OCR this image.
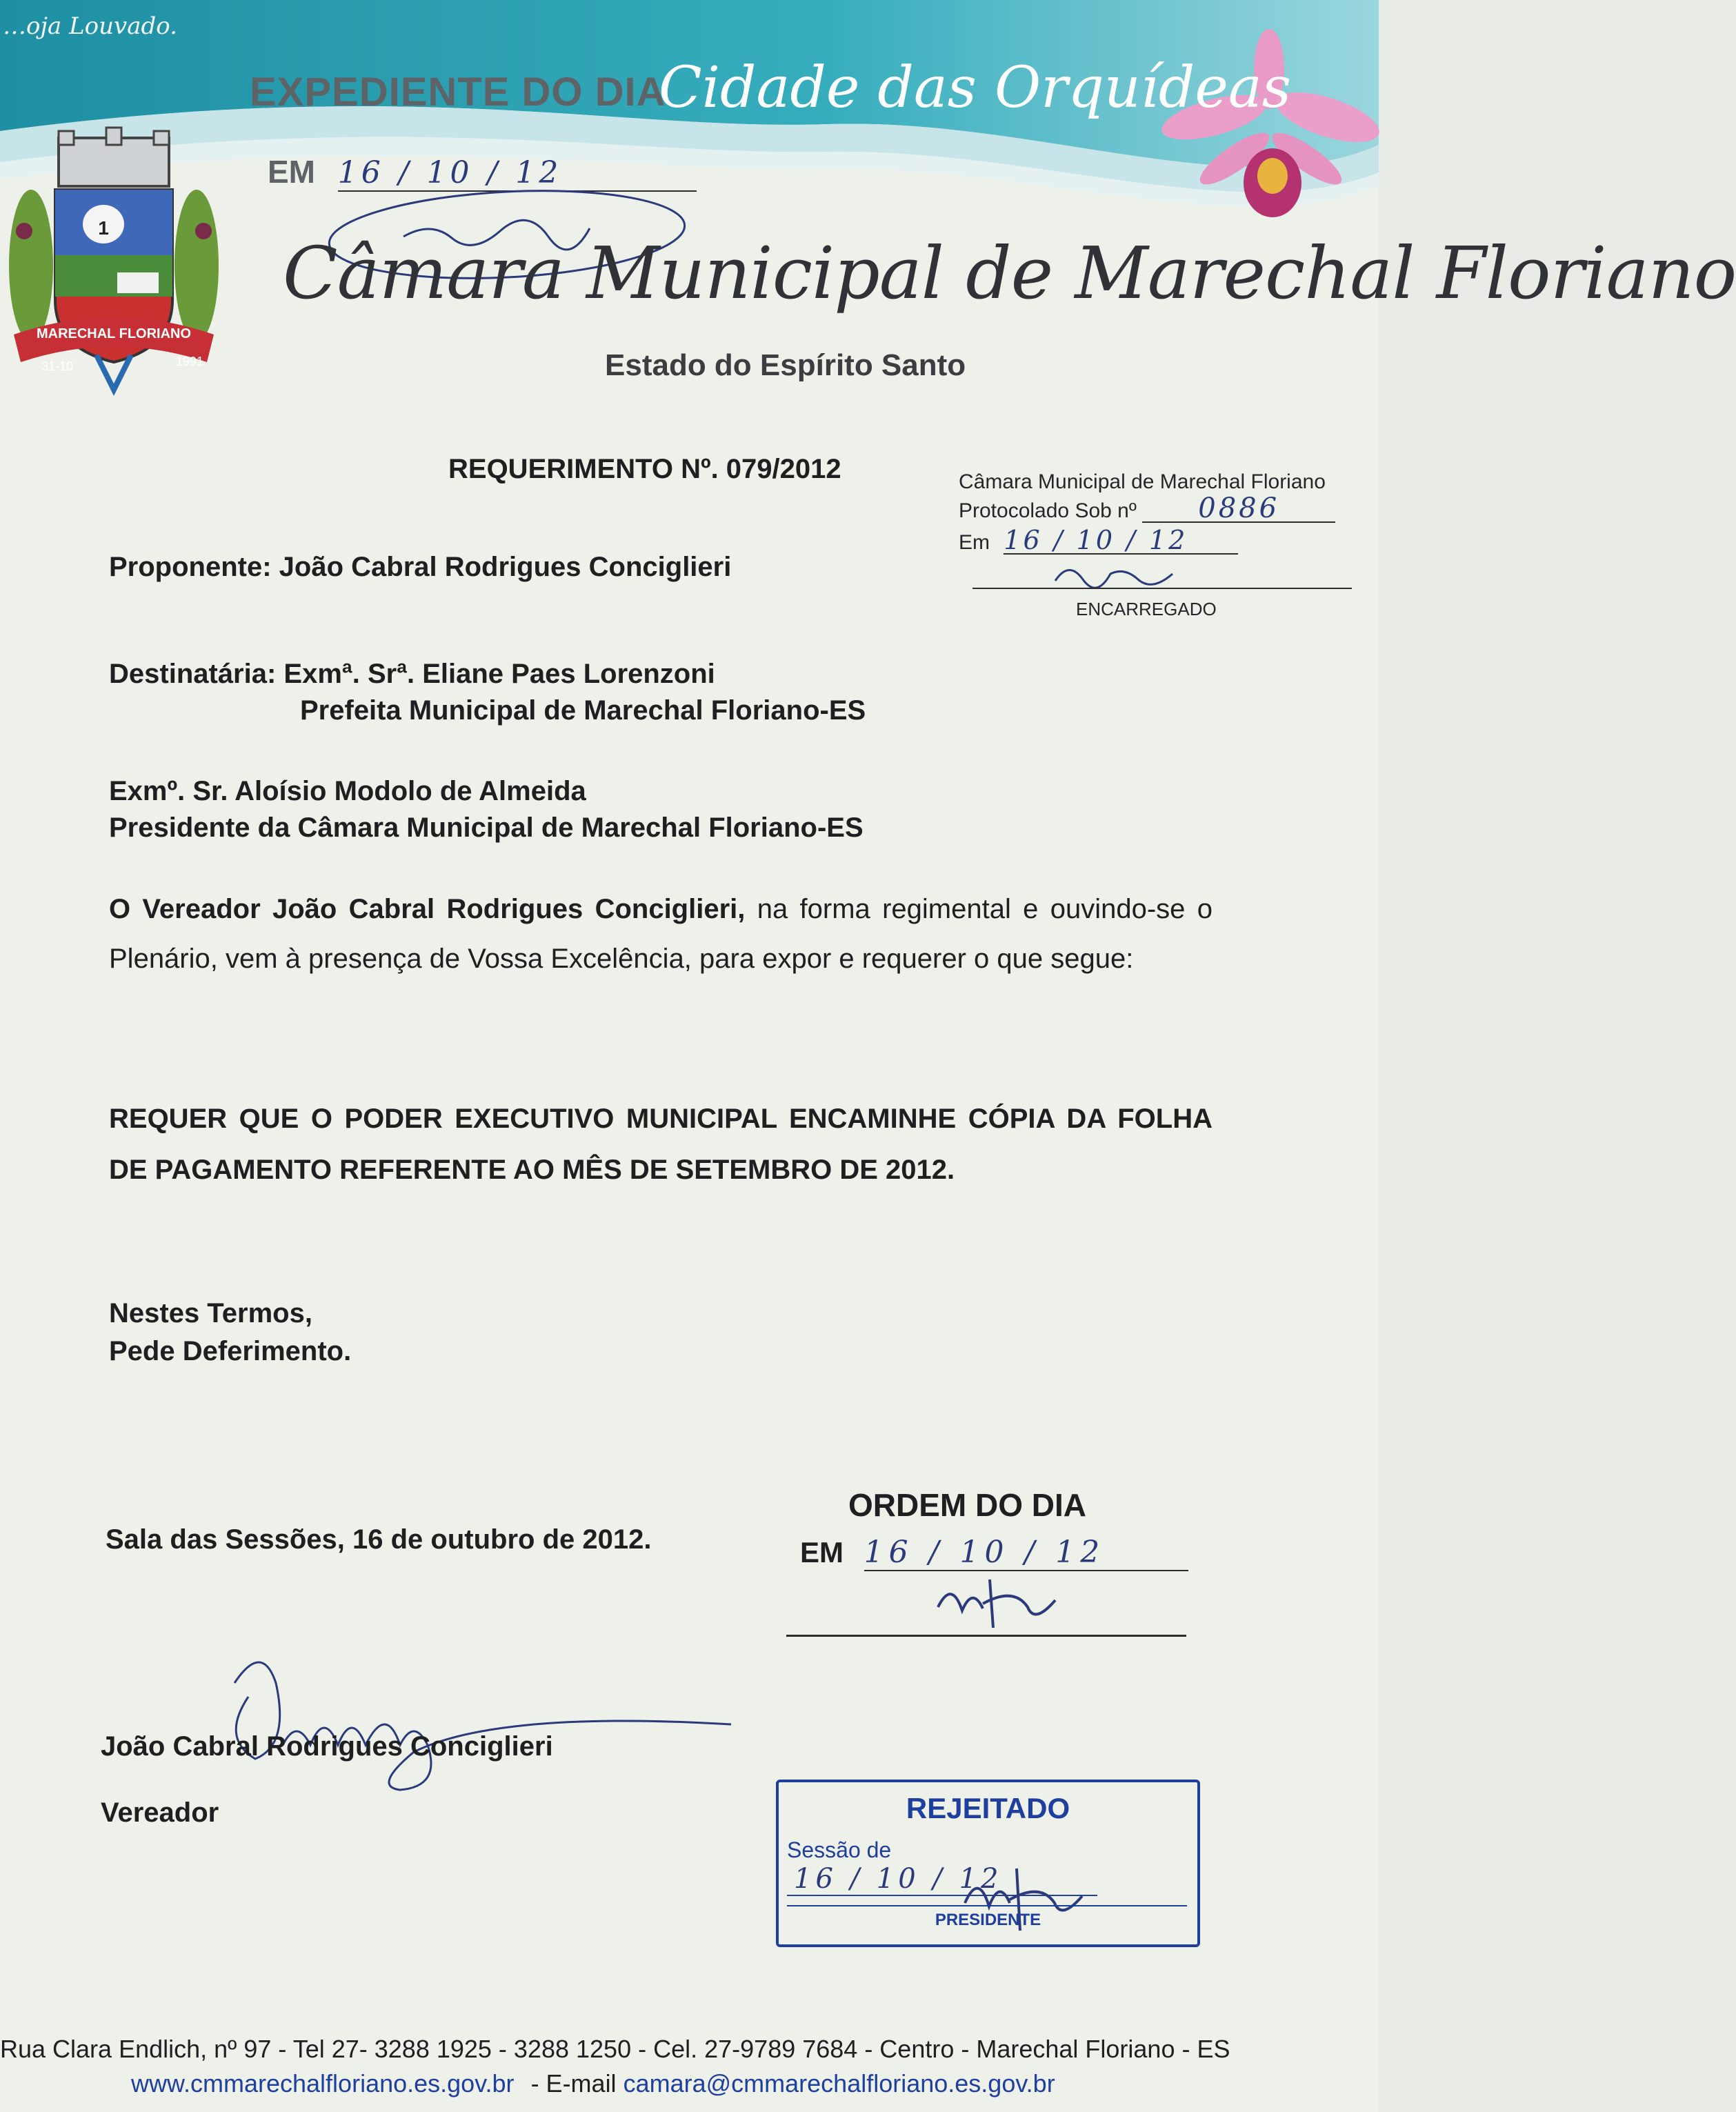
1
MARECHAL FLORIANO
31-10	1991
…oja Louvado.
EXPEDIENTE DO DIA
EM 16 / 10 / 12
Cidade das Orquídeas
Câmara Municipal de Marechal Floriano
Estado do Espírito Santo
REQUERIMENTO Nº. 079/2012	Câmara Municipal de Marechal Floriano
Protocolado Sob nº 0886
Em 16 / 10 / 12
ENCARREGADO
Proponente: João Cabral Rodrigues Conciglieri
Destinatária: Exmª. Srª. Eliane Paes Lorenzoni
Prefeita Municipal de Marechal Floriano-ES
Exmº. Sr. Aloísio Modolo de Almeida
Presidente da Câmara Municipal de Marechal Floriano-ES
O Vereador João Cabral Rodrigues Conciglieri, na forma regimental e ouvindo-se o Plenário, vem à presença de Vossa Excelência, para expor e requerer o que segue:
REQUER QUE O PODER EXECUTIVO MUNICIPAL ENCAMINHE CÓPIA DA FOLHA DE PAGAMENTO REFERENTE AO MÊS DE SETEMBRO DE 2012.
Nestes Termos,
Pede Deferimento.
Sala das Sessões, 16 de outubro de 2012.
ORDEM DO DIA
EM 16 / 10 / 12
João Cabral Rodrigues Conciglieri
Vereador	REJEITADO
Sessão de 16 / 10 / 12
PRESIDENTE
Rua Clara Endlich, nº 97 - Tel 27- 3288 1925 - 3288 1250 - Cel. 27-9789 7684 - Centro - Marechal Floriano - ES
www.cmmarechalfloriano.es.gov.br - E-mail camara@cmmarechalfloriano.es.gov.br
